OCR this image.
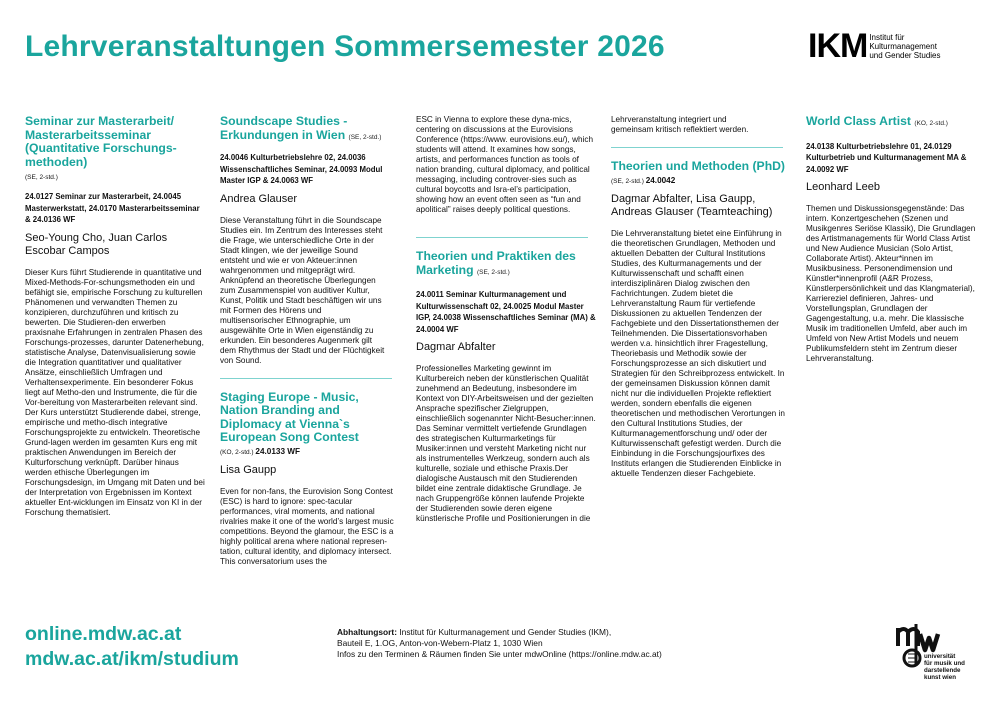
Lehrveranstaltungen Sommersemester 2026	IKM Institut für
Kulturmanagement
und Gender Studies
Seminar zur Masterarbeit/ Masterarbeitsseminar (Quantitative Forschungs-methoden)
(SE, 2-std.)
24.0127 Seminar zur Masterarbeit, 24.0045 Masterwerkstatt, 24.0170 Masterarbeitsseminar & 24.0136 WF
Seo-Young Cho, Juan Carlos Escobar Campos
Dieser Kurs führt Studierende in quantitative und Mixed-Methods-For-schungsmethoden ein und befähigt sie, empirische Forschung zu kulturellen Phänomenen und verwandten Themen zu konzipieren, durchzuführen und kritisch zu bewerten. Die Studieren-den erwerben praxisnahe Erfahrungen in zentralen Phasen des Forschungs-prozesses, darunter Datenerhebung, statistische Analyse, Datenvisualisierung sowie die Integration quantitativer und qualitativer Ansätze, einschließlich Umfragen und Verhaltensexperimente. Ein besonderer Fokus liegt auf Metho-den und Instrumente, die für die Vor-bereitung von Masterarbeiten relevant sind. Der Kurs unterstützt Studierende dabei, strenge, empirische und metho-disch integrative Forschungsprojekte zu entwickeln. Theoretische Grund-lagen werden im gesamten Kurs eng mit praktischen Anwendungen im Bereich der Kulturforschung verknüpft. Darüber hinaus werden ethische Überlegungen im Forschungsdesign, im Umgang mit Daten und bei der Interpretation von Ergebnissen im Kontext aktueller Ent-wicklungen im Einsatz von KI in der Forschung thematisiert.
Soundscape Studies - Erkundungen in Wien (SE, 2-std.)
24.0046 Kulturbetriebslehre 02, 24.0036 Wissenschaftliches Seminar, 24.0093 Modul Master IGP & 24.0063 WF
Andrea Glauser
Diese Veranstaltung führt in die Soundscape Studies ein. Im Zentrum des Interesses steht die Frage, wie unterschiedliche Orte in der Stadt klingen, wie der jeweilige Sound entsteht und wie er von Akteuer:innen wahrgenommen und mitgeprägt wird. Anknüpfend an theoretische Überlegungen zum Zusammenspiel von auditiver Kultur, Kunst, Politik und Stadt beschäftigen wir uns mit Formen des Hörens und multisensorischer Ethnographie, um ausgewählte Orte in Wien eigenständig zu erkunden. Ein besonderes Augenmerk gilt dem Rhythmus der Stadt und der Flüchtigkeit von Sound.
Staging Europe - Music, Nation Branding and Diplomacy at Vienna`s European Song Contest
(KO, 2-std.) 24.0133 WF
Lisa Gaupp
Even for non-fans, the Eurovision Song Contest (ESC) is hard to ignore: spec-tacular performances, viral moments, and national rivalries make it one of the world’s largest music competitions. Beyond the glamour, the ESC is a highly political arena where national represen-tation, cultural identity, and diplomacy intersect. This conversatorium uses the
ESC in Vienna to explore these dyna-mics, centering on discussions at the Eurovisions Conference (https://www. eurovisions.eu/), which students will attend. It examines how songs, artists, and performances function as tools of nation branding, cultural diplomacy, and political messaging, including controver-sies such as cultural boycotts and Isra-el’s participation, showing how an event often seen as “fun and apolitical” raises deeply political questions.
Theorien und Praktiken des Marketing (SE, 2-std.)
24.0011 Seminar Kulturmanagement und Kulturwissenschaft 02, 24.0025 Modul Master IGP, 24.0038 Wissenschaftliches Seminar (MA) & 24.0004 WF
Dagmar Abfalter
Professionelles Marketing gewinnt im Kulturbereich neben der künstlerischen Qualität zunehmend an Bedeutung, insbesondere im Kontext von DIY-Arbeitsweisen und der gezielten Ansprache spezifischer Zielgruppen, einschließlich sogenannter Nicht-Besucher:innen. Das Seminar vermittelt vertiefende Grundlagen des strategischen Kulturmarketings für Musiker:innen und versteht Marketing nicht nur als instrumentelles Werkzeug, sondern auch als kulturelle, soziale und ethische Praxis.Der dialogische Austausch mit den Studierenden bildet eine zentrale didaktische Grundlage. Je nach Gruppengröße können laufende Projekte der Studierenden sowie deren eigene künstlerische Profile und Positionierungen in die
Lehrveranstaltung integriert und gemeinsam kritisch reflektiert werden.
Theorien und Methoden (PhD)
(SE, 2-std.) 24.0042
Dagmar Abfalter, Lisa Gaupp, Andreas Glauser (Teamteaching)
Die Lehrveranstaltung bietet eine Einführung in die theoretischen Grundlagen, Methoden und aktuellen Debatten der Cultural Institutions Studies, des Kulturmanagements und der Kulturwissenschaft und schafft einen interdisziplinären Dialog zwischen den Fachrichtungen. Zudem bietet die Lehrveranstaltung Raum für vertiefende Diskussionen zu aktuellen Tendenzen der Fachgebiete und den Dissertationsthemen der Teilnehmenden. Die Dissertationsvorhaben werden v.a. hinsichtlich ihrer Fragestellung, Theoriebasis und Methodik sowie der Forschungsprozesse an sich diskutiert und Strategien für den Schreibprozess entwickelt. In der gemeinsamen Diskussion können damit nicht nur die individuellen Projekte reflektiert werden, sondern ebenfalls die eigenen theoretischen und methodischen Verortungen in den Cultural Institutions Studies, der Kulturmanagementforschung und/ oder der Kulturwissenschaft gefestigt werden. Durch die Einbindung in die Forschungsjourfixes des Instituts erlangen die Studierenden Einblicke in aktuelle Tendenzen dieser Fachgebiete.
World Class Artist (KO, 2-std.)
24.0138 Kulturbetriebslehre 01, 24.0129 Kulturbetrieb und Kulturmanagement MA & 24.0092 WF
Leonhard Leeb
Themen und Diskussionsgegenstände: Das intern. Konzertgeschehen (Szenen und Musikgenres Seriöse Klassik), Die Grundlagen des Artistmanagements für World Class Artist und New Audience Musician (Solo Artist, Collaborate Artist). Akteur*innen im Musikbusiness. Personendimension und Künstler*innenprofil (A&R Prozess, Künstlerpersönlichkeit und das Klangmaterial), Karriereziel definieren, Jahres- und Vorstellungsplan, Grundlagen der Gagengestaltung, u.a. mehr. Die klassische Musik im traditionellen Umfeld, aber auch im Umfeld von New Artist Models und neuem Publikumsfeldern steht im Zentrum dieser Lehrveranstaltung.
online.mdw.ac.at
mdw.ac.at/ikm/studium
Abhaltungsort: Institut für Kulturmanagement und Gender Studies (IKM),
Bauteil E, 1.OG, Anton-von-Webern-Platz 1, 1030 Wien
Infos zu den Terminen & Räumen finden Sie unter mdwOnline (https://online.mdw.ac.at)	universität
für musik und
darstellende
kunst wien
